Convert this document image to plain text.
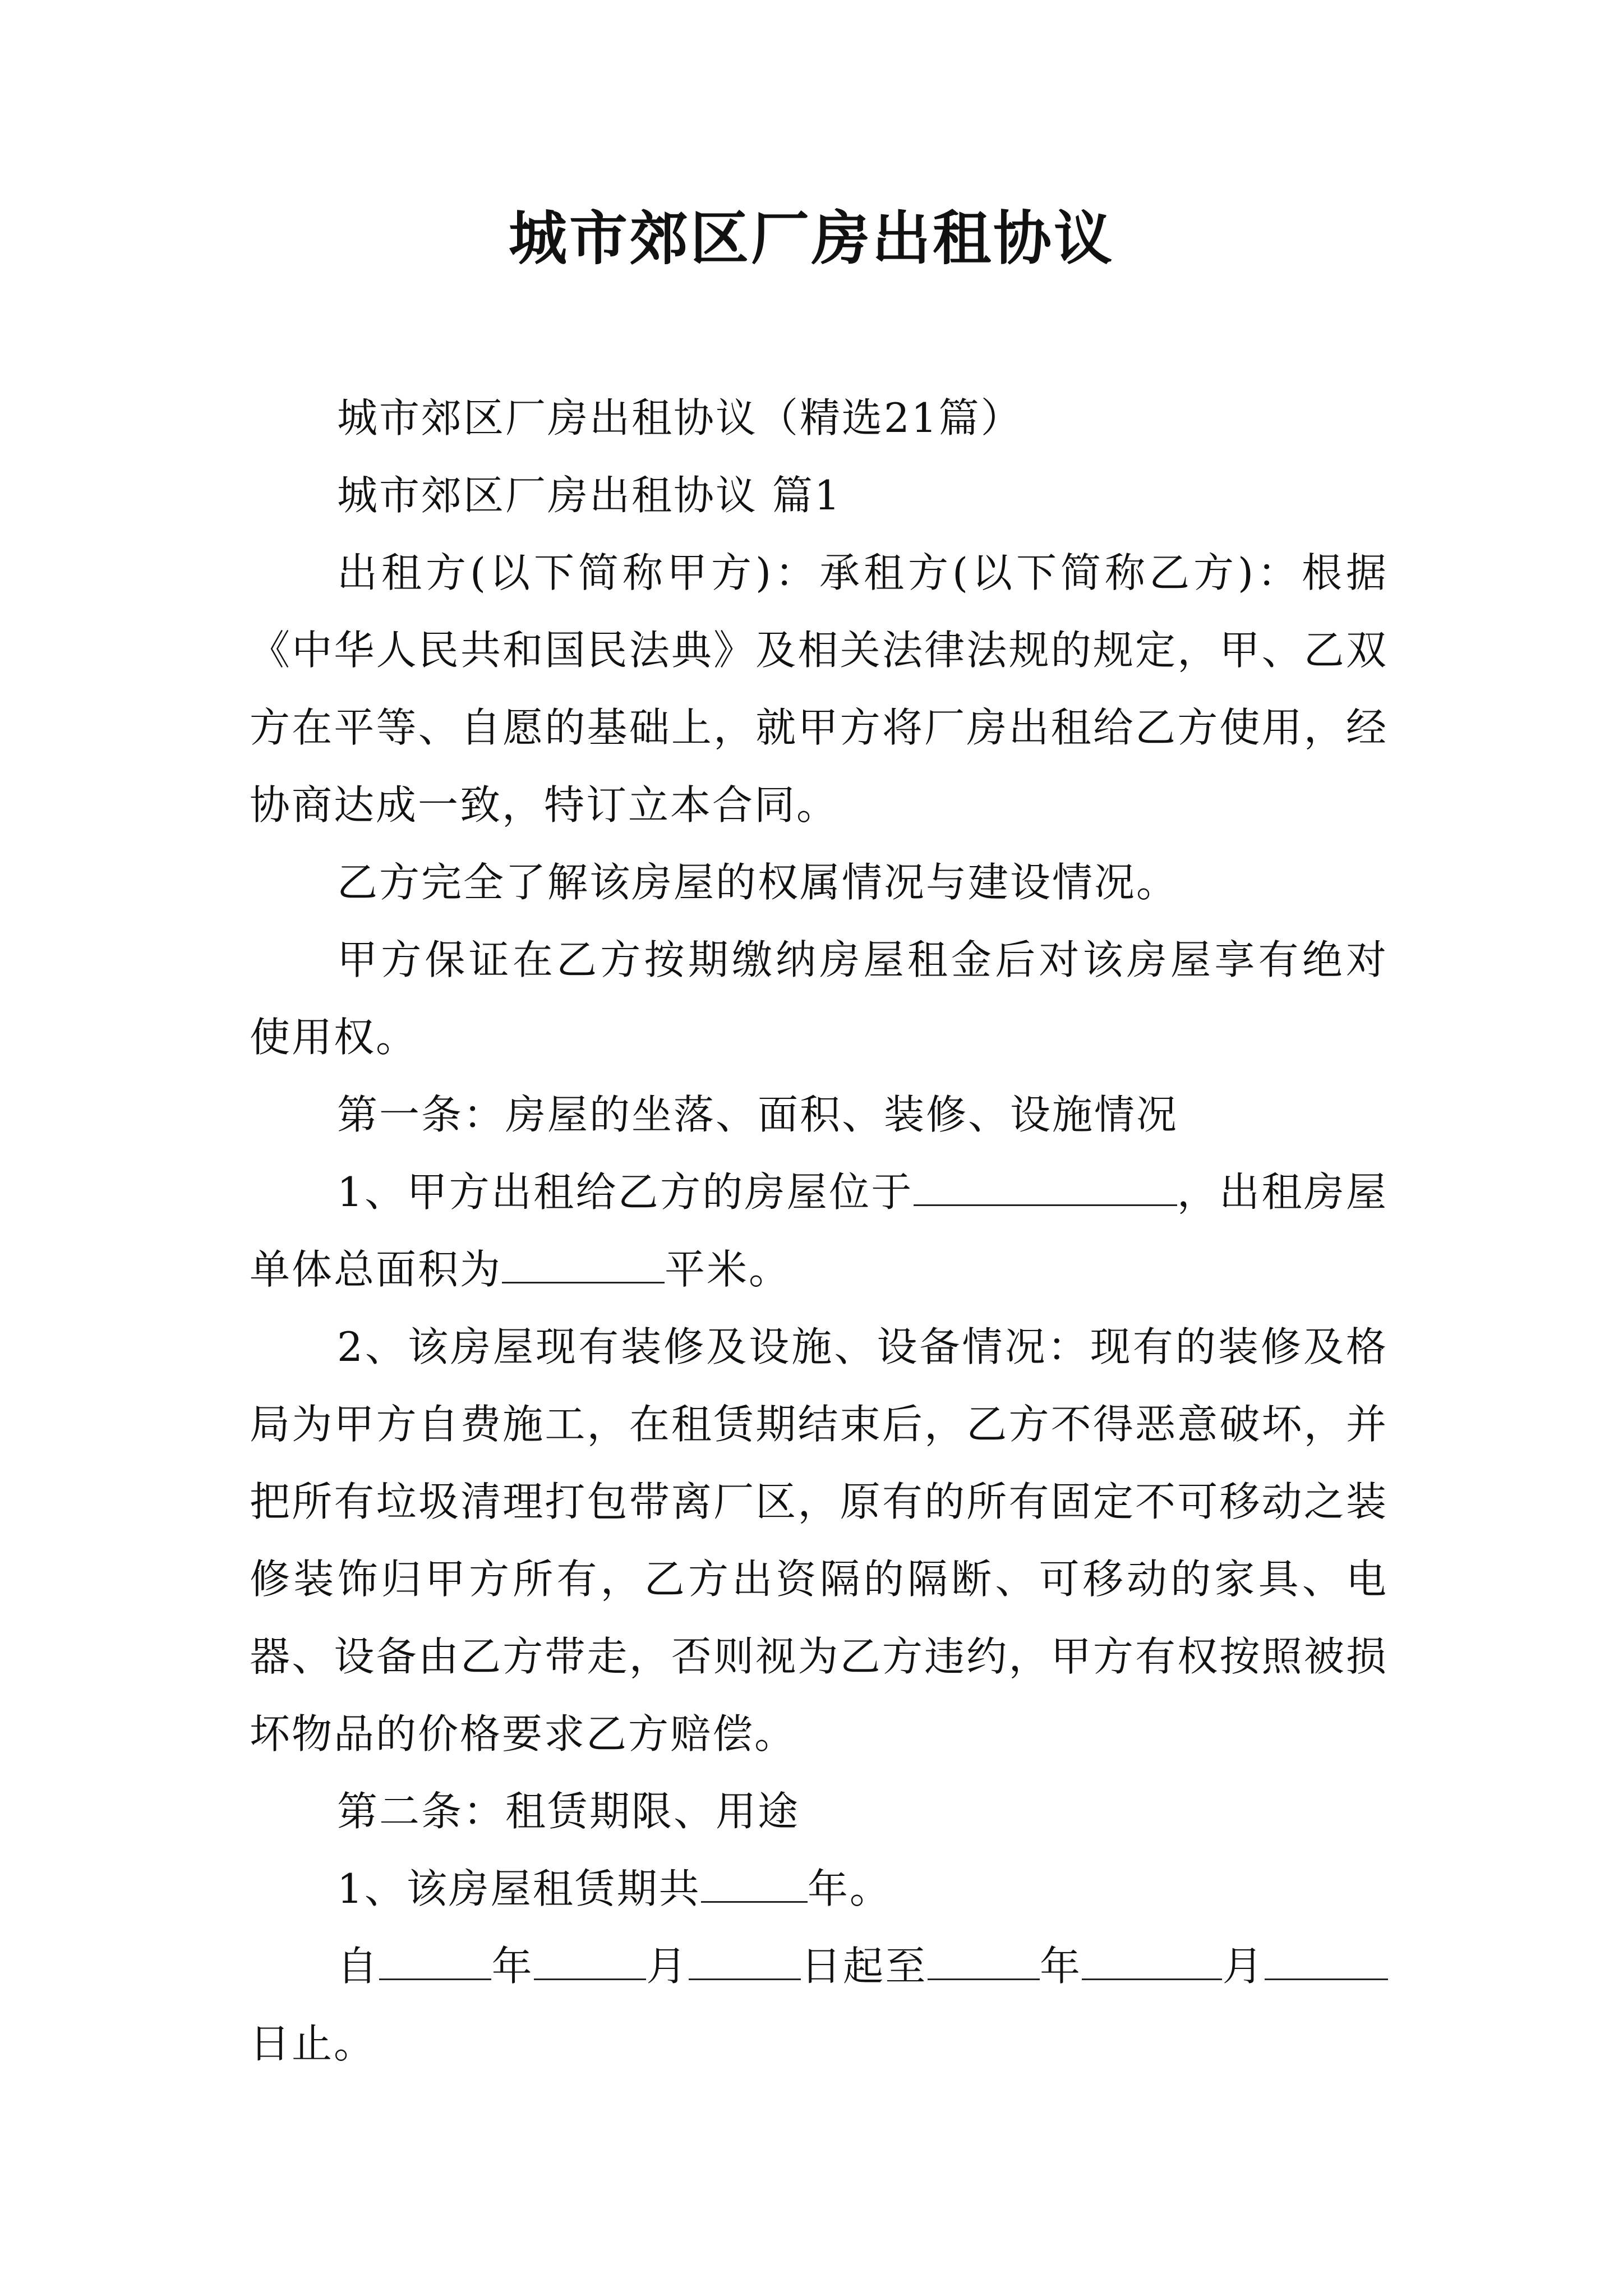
城市郊区厂房出租协议

城市郊区厂房出租协议（精选21篇）

城市郊区厂房出租协议 篇1

出租方(以下简称甲方)：承租方(以下简称乙方)：根据《中华人民共和国民法典》及相关法律法规的规定，甲、乙双方在平等、自愿的基础上，就甲方将厂房出租给乙方使用，经协商达成一致，特订立本合同。

乙方完全了解该房屋的权属情况与建设情况。

甲方保证在乙方按期缴纳房屋租金后对该房屋享有绝对使用权。

第一条：房屋的坐落、面积、装修、设施情况

1、甲方出租给乙方的房屋位于	，出租房屋单体总面积为	平米。

2、该房屋现有装修及设施、设备情况：现有的装修及格局为甲方自费施工，在租赁期结束后，乙方不得恶意破坏，并把所有垃圾清理打包带离厂区，原有的所有固定不可移动之装修装饰归甲方所有，乙方出资隔的隔断、可移动的家具、电器、设备由乙方带走，否则视为乙方违约，甲方有权按照被损坏物品的价格要求乙方赔偿。

第二条：租赁期限、用途

1、该房屋租赁期共	年。

自	年	月	日起至	年	月日止。
